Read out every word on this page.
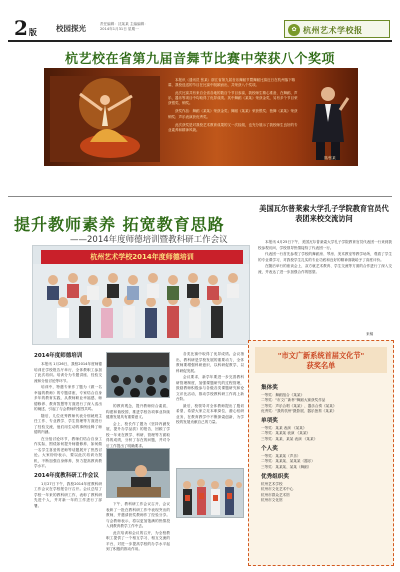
2版	校园探光	责任编辑：沈某某 主编编辑：
2014年1月31日 星期一	✿ 杭州艺术学校报
杭艺校在省第九届音舞节比赛中荣获八个奖项

本报讯（通讯员 张某）浙江省第九届音乐舞蹈节暨舞蹈比赛近日在杭州落下帷幕，我校选送的节目在比赛中脱颖而出，共荣获八个奖项。

此次比赛共有来自全省各地的数百个节目参赛，我校师生精心准备，在舞蹈、声乐、器乐等项目中均取得了优异成绩。其中舞蹈《某某》荣获金奖，另有多个节目荣获银奖、铜奖。

获奖作品：舞蹈《某某》荣获金奖；舞蹈《某某》荣获银奖；独舞《某某》荣获铜奖；声乐表演获优秀奖。

此次获奖是对我校艺术教育成果的又一次检阅，也充分展示了我校师生良好的专业素养和精神风貌。

图/张某
提升教师素养 拓宽教育思路
——2014年度师德培训暨教科研工作会议
杭州艺术学校2014年度师德培训
2014年度师德培训

本报讯 1月26日，我校2014年度师德培训在学校报告厅举行，全体教职工参加了此次培训。培训分为专题讲座、经验交流和分组讨论等环节。

培训中，特邀专家作了题为《做一名幸福的教师》的专题讲座，专家结合自身多年的教育实践，从教师职业幸福感、师德修养、教育智慧等方面进行了深入浅出的阐述，引起了与会教师的强烈共鸣。

随后，几位优秀教师代表分别就班主任工作、专业教学、学生管理等方面进行了经验交流，他们用生动的事例诠释了师德的内涵。

在分组讨论环节，教师们结合自身工作实际，围绕如何提升师德修养、如何做一名学生喜爱的老师等话题展开了热烈讨论。大家纷纷表示，要以此次培训为契机，不断加强自身修养，努力提高教育教学水平。

2014年度教科研工作会议

1月27日下午，我校2014年度教科研工作会议在学校报告厅召开。会议总结了学校一年来的教科研工作，表彰了教科研先进个人，并对新一年的工作进行了部署。

的教育观念，提升教师综合素质，构建和谐校园，推进学校各项事业持续健康发展具有重要意义。

会上，校长作了题为《坚持内涵发展，提升办学品质》的报告，回顾了学校一年来在教学、科研、管理等方面取得的成绩，分析了存在的问题，并对今后工作提出了明确要求。

下午，教科研工作会议召开，会议表彰了一批在教科研工作中表现突出的教师，并邀请获奖教师作了经验分享。与会教师表示，将以更加饱满的热情投入到教育教学工作中去。

此次培训和会议的召开，为全校教职工提供了一个相互学习、相互交流的平台，对进一步提高学校的办学水平起到了积极的推动作用。

各类比赛中取得了优异成绩。会议指出，教科研是学校发展的重要动力，全体教师要增强科研意识，以科研促教学，以科研促发展。

会议要求，新学年要进一步完善教科研管理制度，加强课题研究的过程管理，鼓励教师积极参与各级各类课题研究和论文评比活动，推动学校教科研工作再上新台阶。

最后，校领导对全体教师提出了殷切希望，希望大家立足本职岗位，潜心钻研业务，在教育教学中不断探索创新，为学校的发展贡献自己的力量。

美国瓦尔普莱索大学孔子学院教育官员代表团来校交流访问

本报讯 4月25日下午，美国瓦尔普莱索大学孔子学院教育官员代表团一行来到我校参观访问，学校领导热情接待了代表团一行。

代表团一行首先参观了学校的舞蹈房、琴房、美术教室等教学场所，观看了学生的专业课学习，对我校学生扎实的专业功底和良好的精神面貌给予了高度评价。

在随后举行的座谈会上，双方就艺术教育、学生交流等方面的合作进行了深入交流，并表达了进一步加强合作的愿望。

来稿
"市文广新系统首届文化节"
获奖名单
集体奖
一等奖：舞蹈组合《某某》
二等奖："市文广新杯"舞蹈大赛获奖作品
三等奖：声乐合唱《某某》、器乐合奏《某某》
优秀奖："我的杭州"摄影展、器乐独奏《某某》
单项奖
一等奖：某某 表演 《某某》
二等奖：某某某 表演 《某某》
三等奖：某某、某某 表演 《某某》
个人奖
一等奖：某某某（声乐）
二等奖：某某某、某某某（器乐）
三等奖：某某某、某某（舞蹈）
优秀组织奖
杭州艺术学校
杭州市文化艺术中心
杭州市群众艺术馆
杭州市文化馆
